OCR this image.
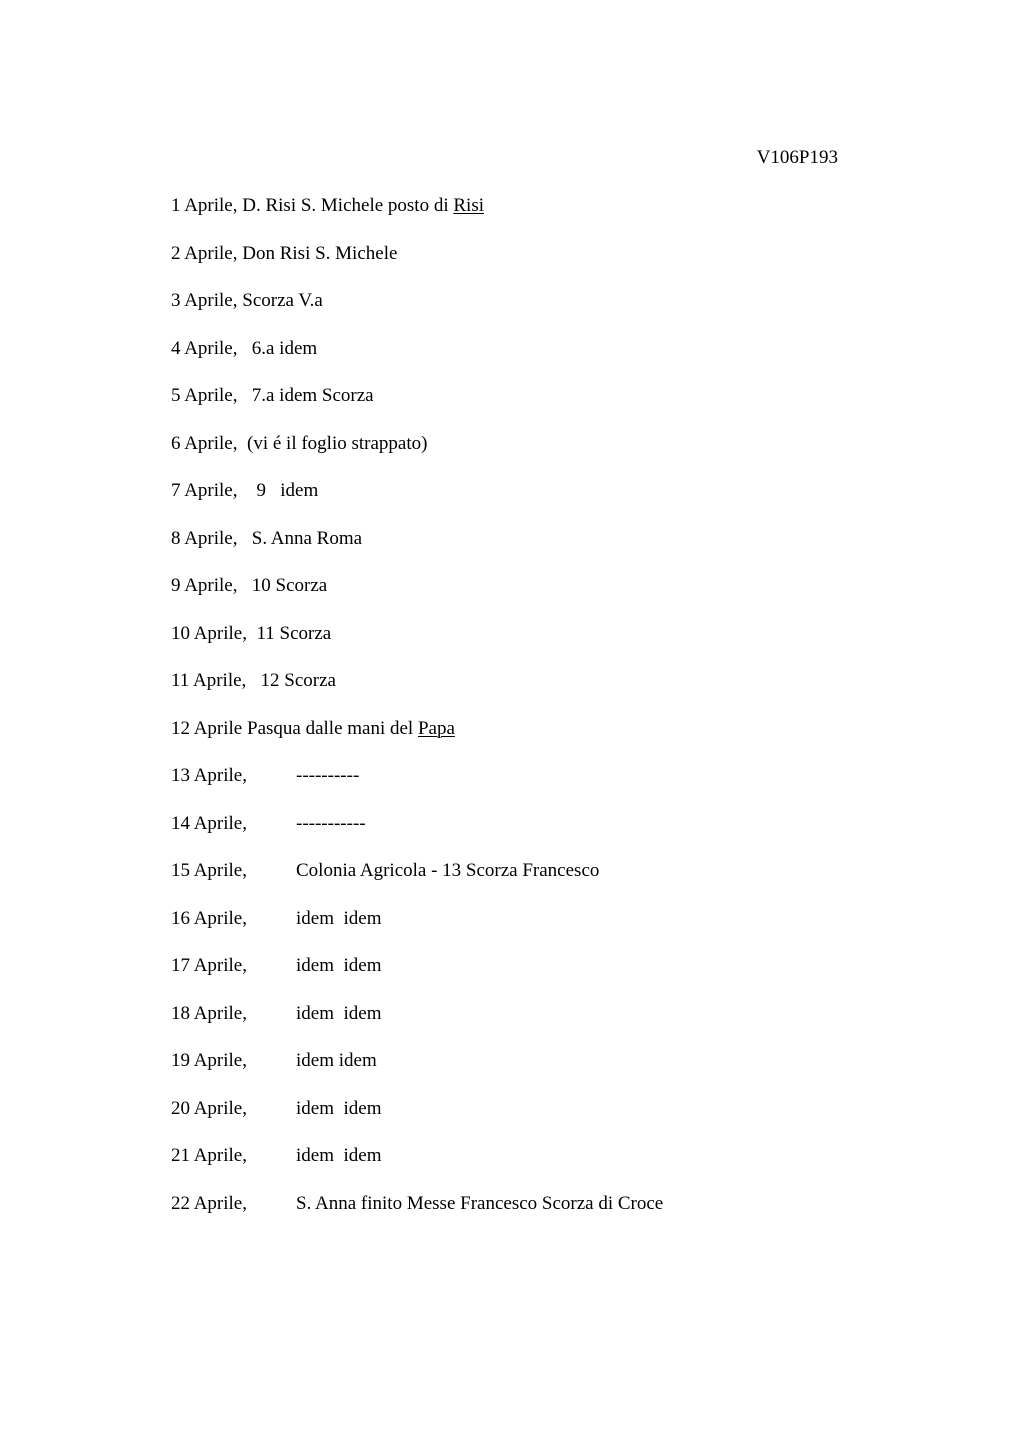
V106P193
1 Aprile, D. Risi S. Michele posto di Risi
2 Aprile, Don Risi S. Michele
3 Aprile, Scorza V.a
4 Aprile,   6.a idem
5 Aprile,   7.a idem Scorza
6 Aprile,  (vi é il foglio strappato)
7 Aprile,    9   idem
8 Aprile,   S. Anna Roma
9 Aprile,   10 Scorza
10 Aprile,  11 Scorza
11 Aprile,   12 Scorza
12 Aprile Pasqua dalle mani del Papa
13 Aprile,	----------
14 Aprile,	-----------
15 Aprile,	Colonia Agricola - 13 Scorza Francesco
16 Aprile,	idem  idem
17 Aprile,	idem  idem
18 Aprile,	idem  idem
19 Aprile,	idem idem
20 Aprile,	idem  idem
21 Aprile,	idem  idem
22 Aprile,	S. Anna finito Messe Francesco Scorza di Croce
